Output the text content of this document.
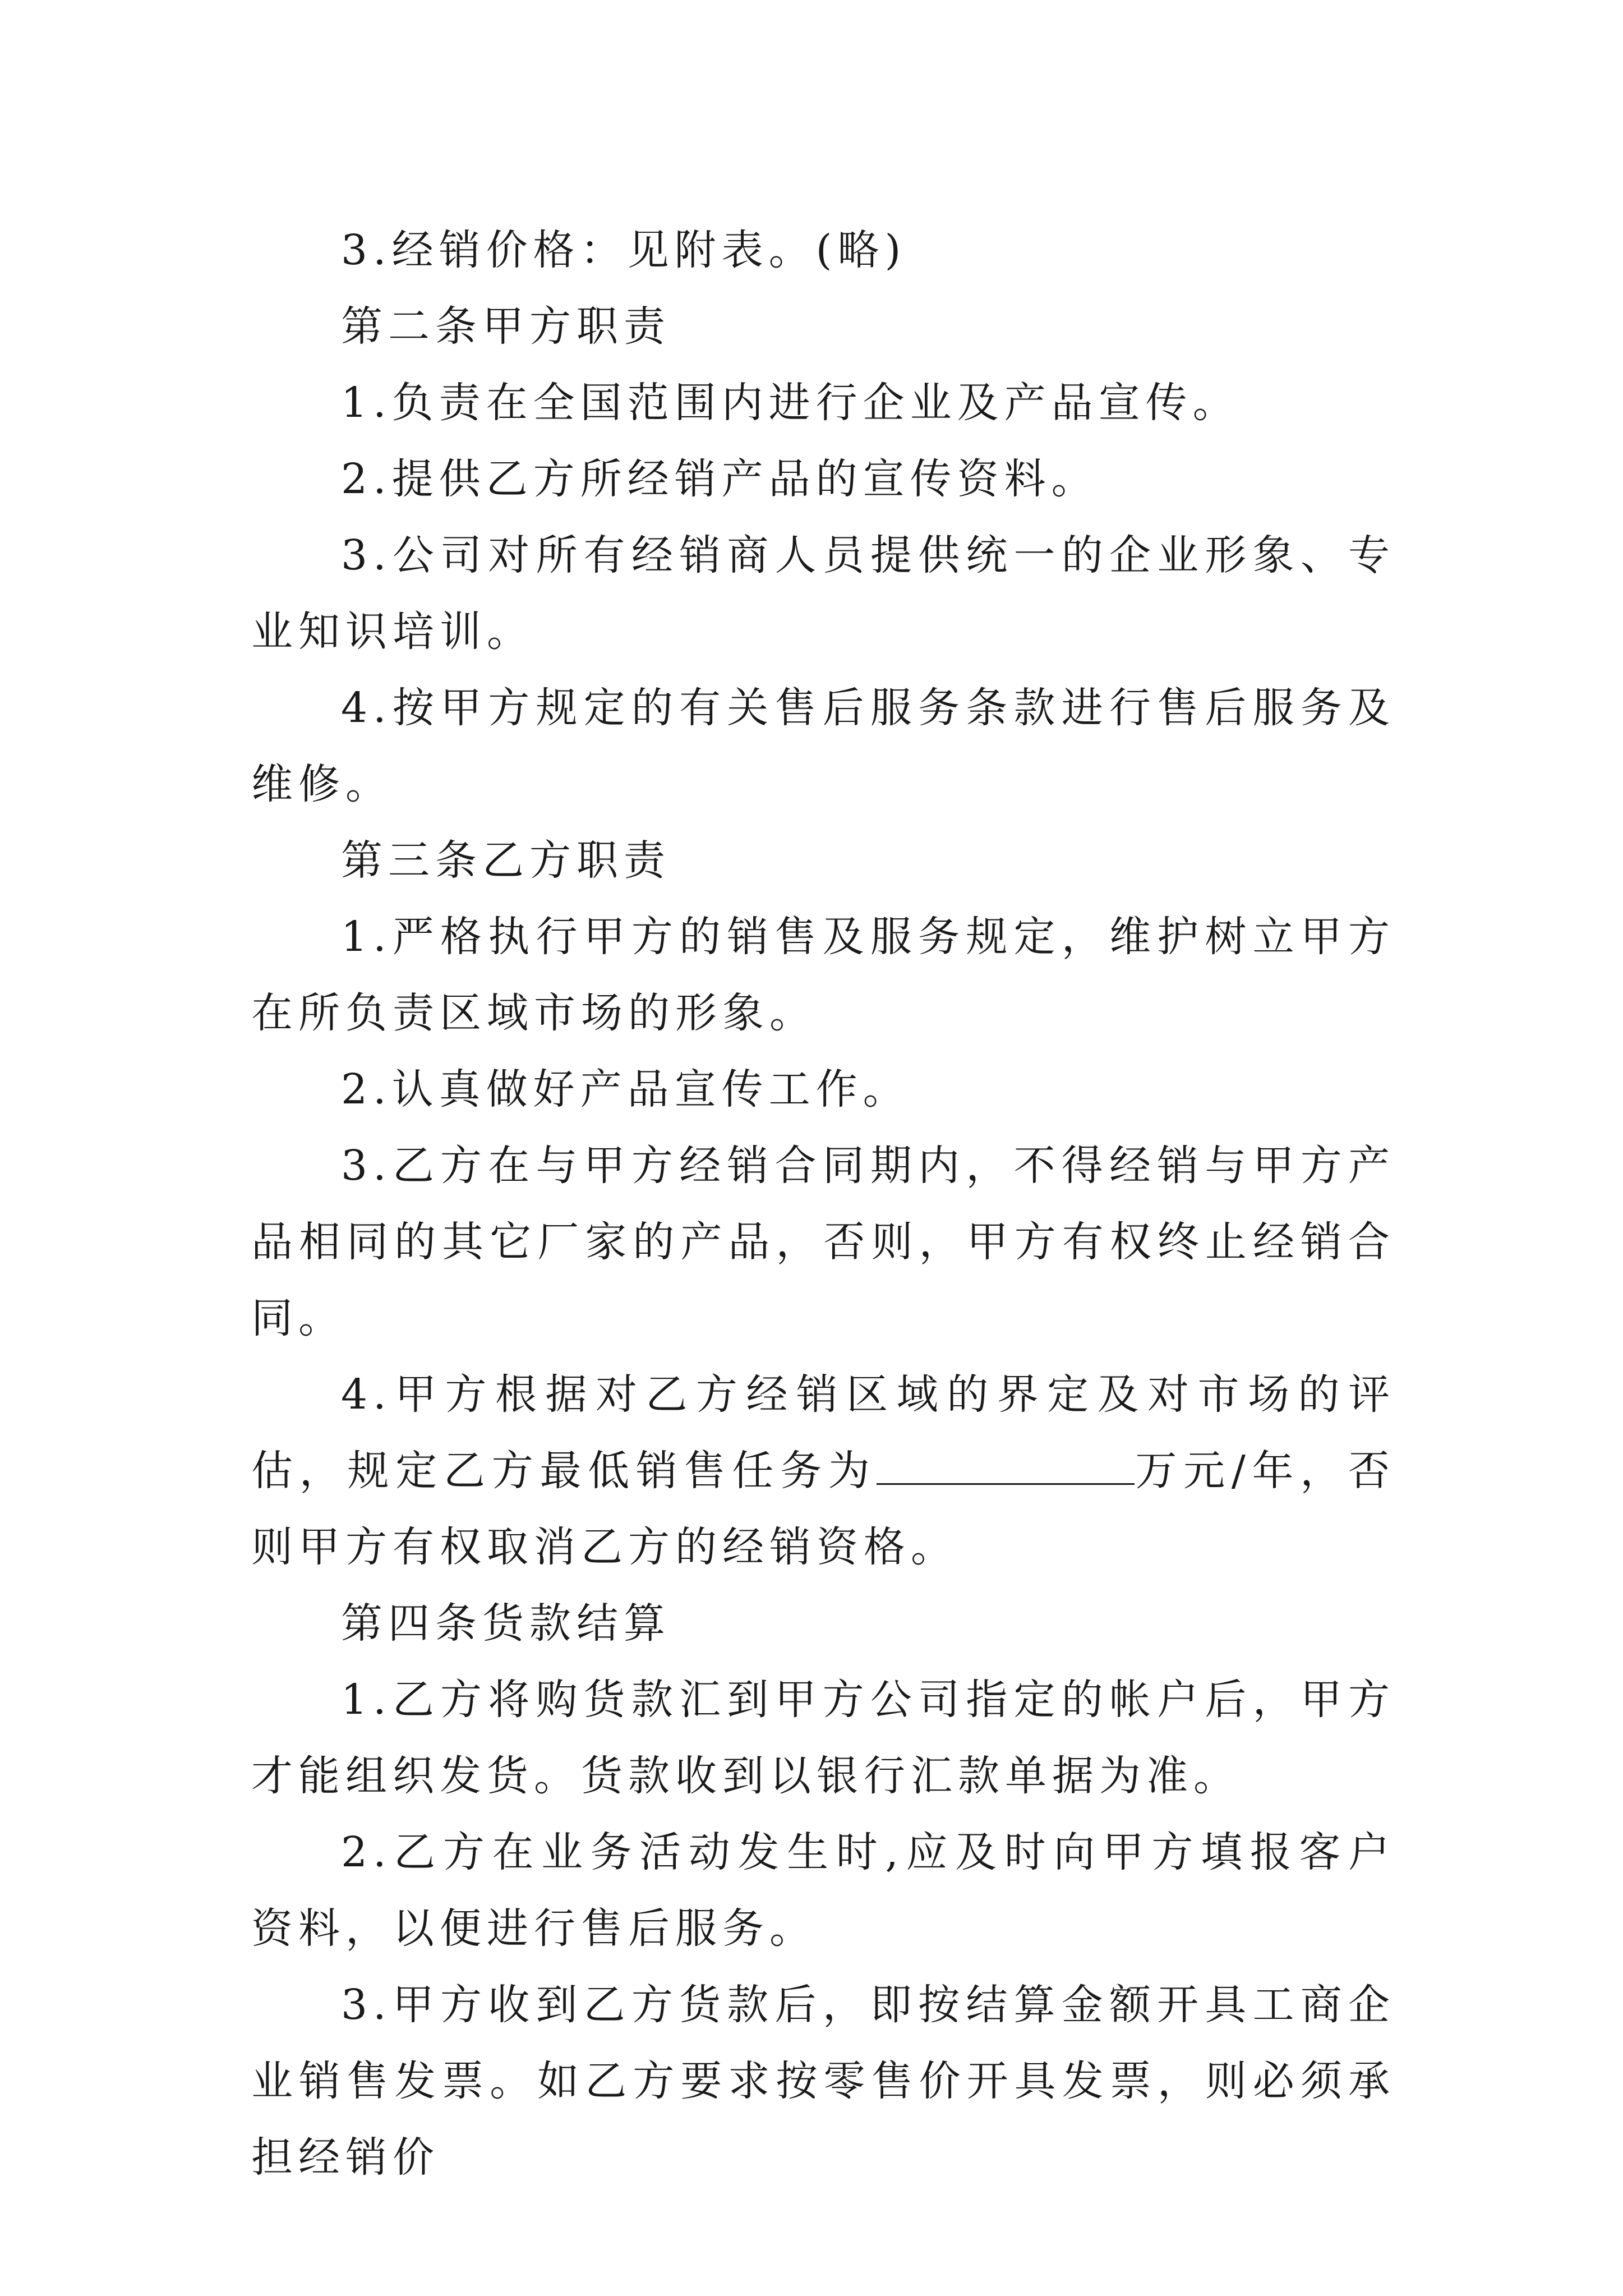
3.经销价格：见附表。(略)

第二条甲方职责

1.负责在全国范围内进行企业及产品宣传。

2.提供乙方所经销产品的宣传资料。

3.公司对所有经销商人员提供统一的企业形象、专业知识培训。

4.按甲方规定的有关售后服务条款进行售后服务及维修。

第三条乙方职责

1.严格执行甲方的销售及服务规定，维护树立甲方在所负责区域市场的形象。

2.认真做好产品宣传工作。

3.乙方在与甲方经销合同期内，不得经销与甲方产品相同的其它厂家的产品，否则，甲方有权终止经销合同。

4.甲方根据对乙方经销区域的界定及对市场的评估，规定乙方最低销售任务为	万元/年，否则甲方有权取消乙方的经销资格。

第四条货款结算

1.乙方将购货款汇到甲方公司指定的帐户后，甲方才能组织发货。货款收到以银行汇款单据为准。

2.乙方在业务活动发生时,应及时向甲方填报客户资料，以便进行售后服务。

3.甲方收到乙方货款后，即按结算金额开具工商企业销售发票。如乙方要求按零售价开具发票，则必须承担经销价
